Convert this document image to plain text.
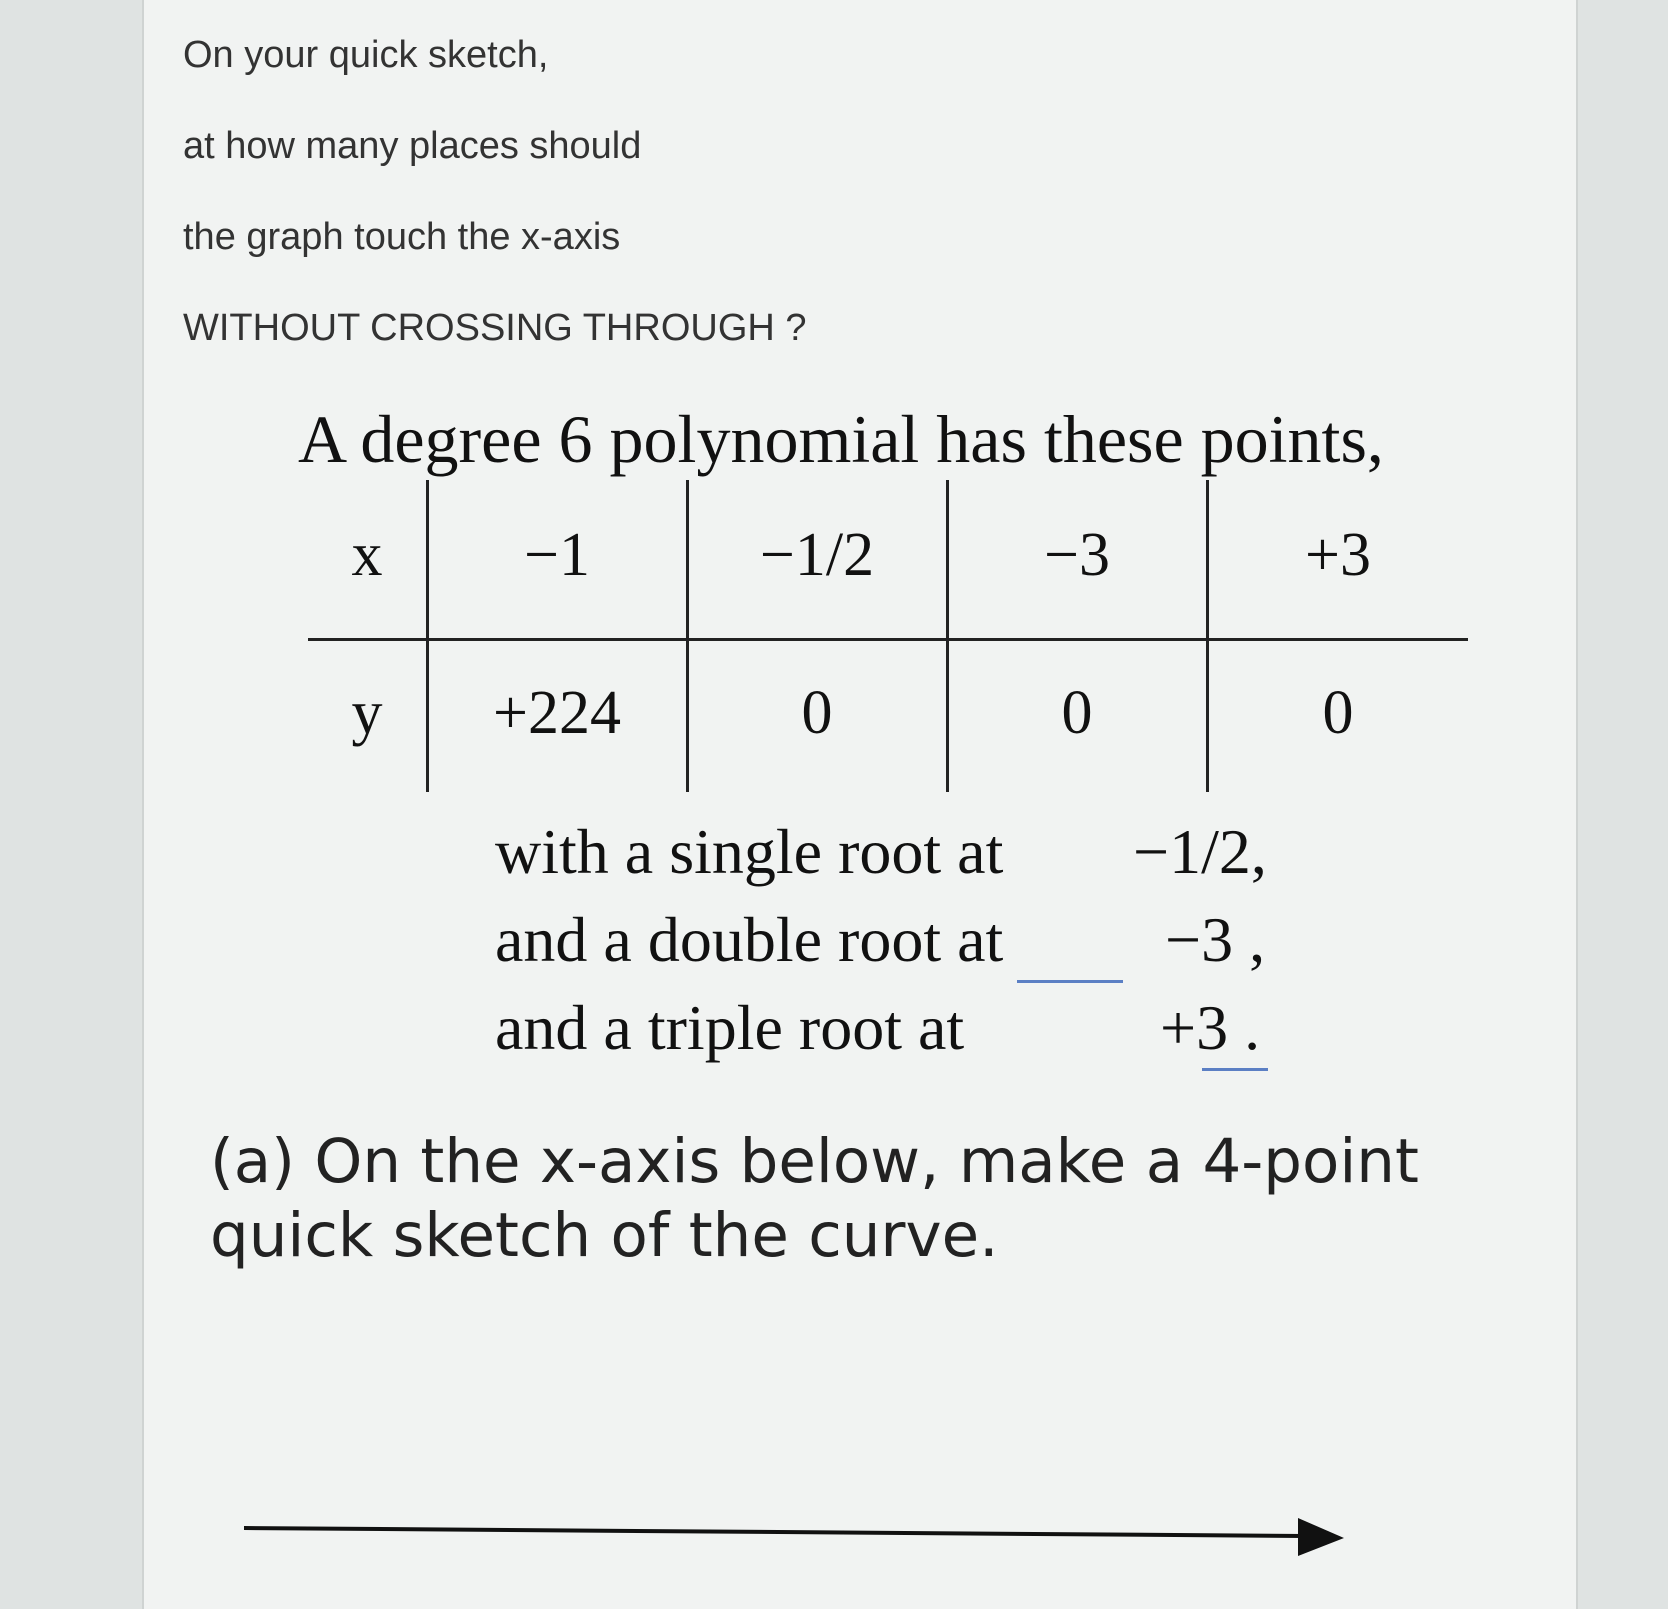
On your quick sketch,
at how many places should
the graph touch the x-axis
WITHOUT CROSSING THROUGH ?
A degree 6 polynomial has these points,
x	−1	−1/2	−3	+3
y	+224	0	0	0
with a single root at −1/2,
and a double root at	−3 ,
and a triple root at	+3 .
(a) On the x-axis below, make a 4-point
quick sketch of the curve.
